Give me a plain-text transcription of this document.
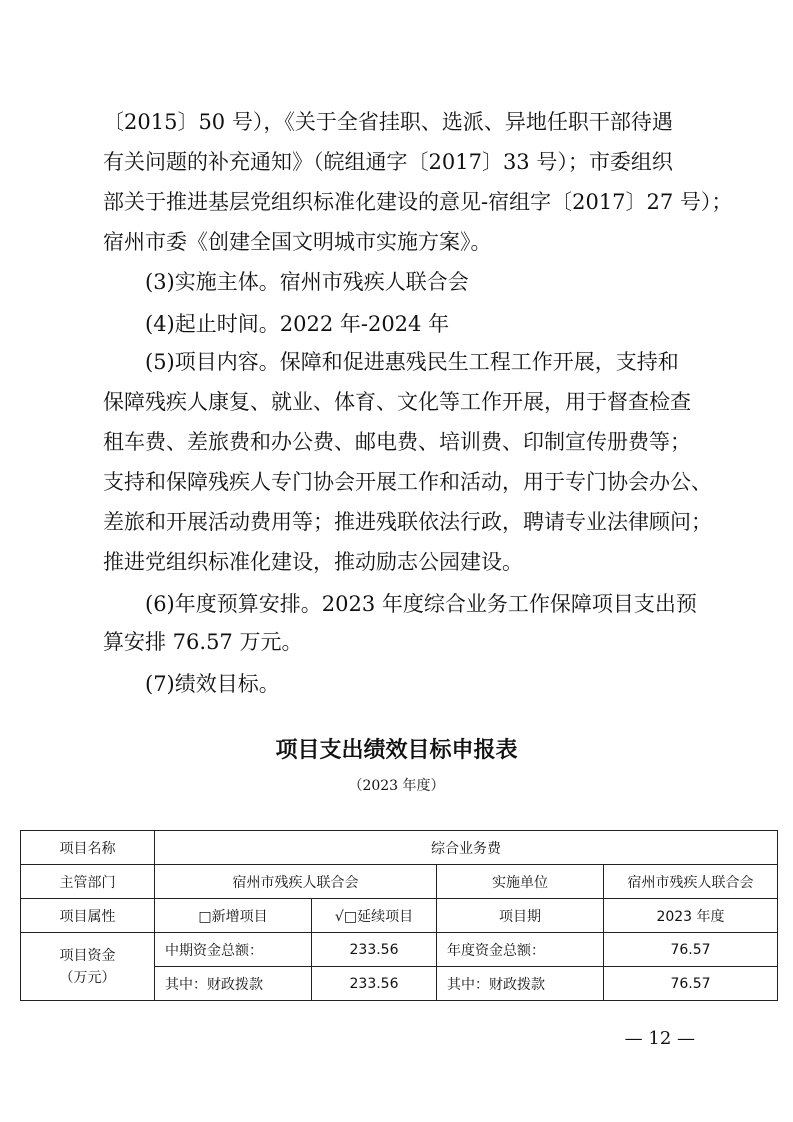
〔2015〕50 号），《关于全省挂职、选派、异地任职干部待遇
有关问题的补充通知》（皖组通字〔2017〕33 号）；市委组织
部关于推进基层党组织标准化建设的意见-宿组字〔2017〕27 号）；
宿州市委《创建全国文明城市实施方案》。
(3)实施主体。宿州市残疾人联合会
(4)起止时间。2022 年-2024 年
(5)项目内容。保障和促进惠残民生工程工作开展，支持和
保障残疾人康复、就业、体育、文化等工作开展，用于督查检查
租车费、差旅费和办公费、邮电费、培训费、印制宣传册费等；
支持和保障残疾人专门协会开展工作和活动，用于专门协会办公、
差旅和开展活动费用等；推进残联依法行政，聘请专业法律顾问；
推进党组织标准化建设，推动励志公园建设。
(6)年度预算安排。2023 年度综合业务工作保障项目支出预
算安排 76.57 万元。
(7)绩效目标。
项目支出绩效目标申报表
（2023 年度）
项目名称	综合业务费			
主管部门	宿州市残疾人联合会		实施单位	宿州市残疾人联合会
项目属性	□新增项目	√□延续项目	项目期	2023 年度
项目资金
（万元）	中期资金总额：	233.56	年度资金总额：	76.57
	其中：财政拨款	233.56	其中：财政拨款	76.57
— 12 —
